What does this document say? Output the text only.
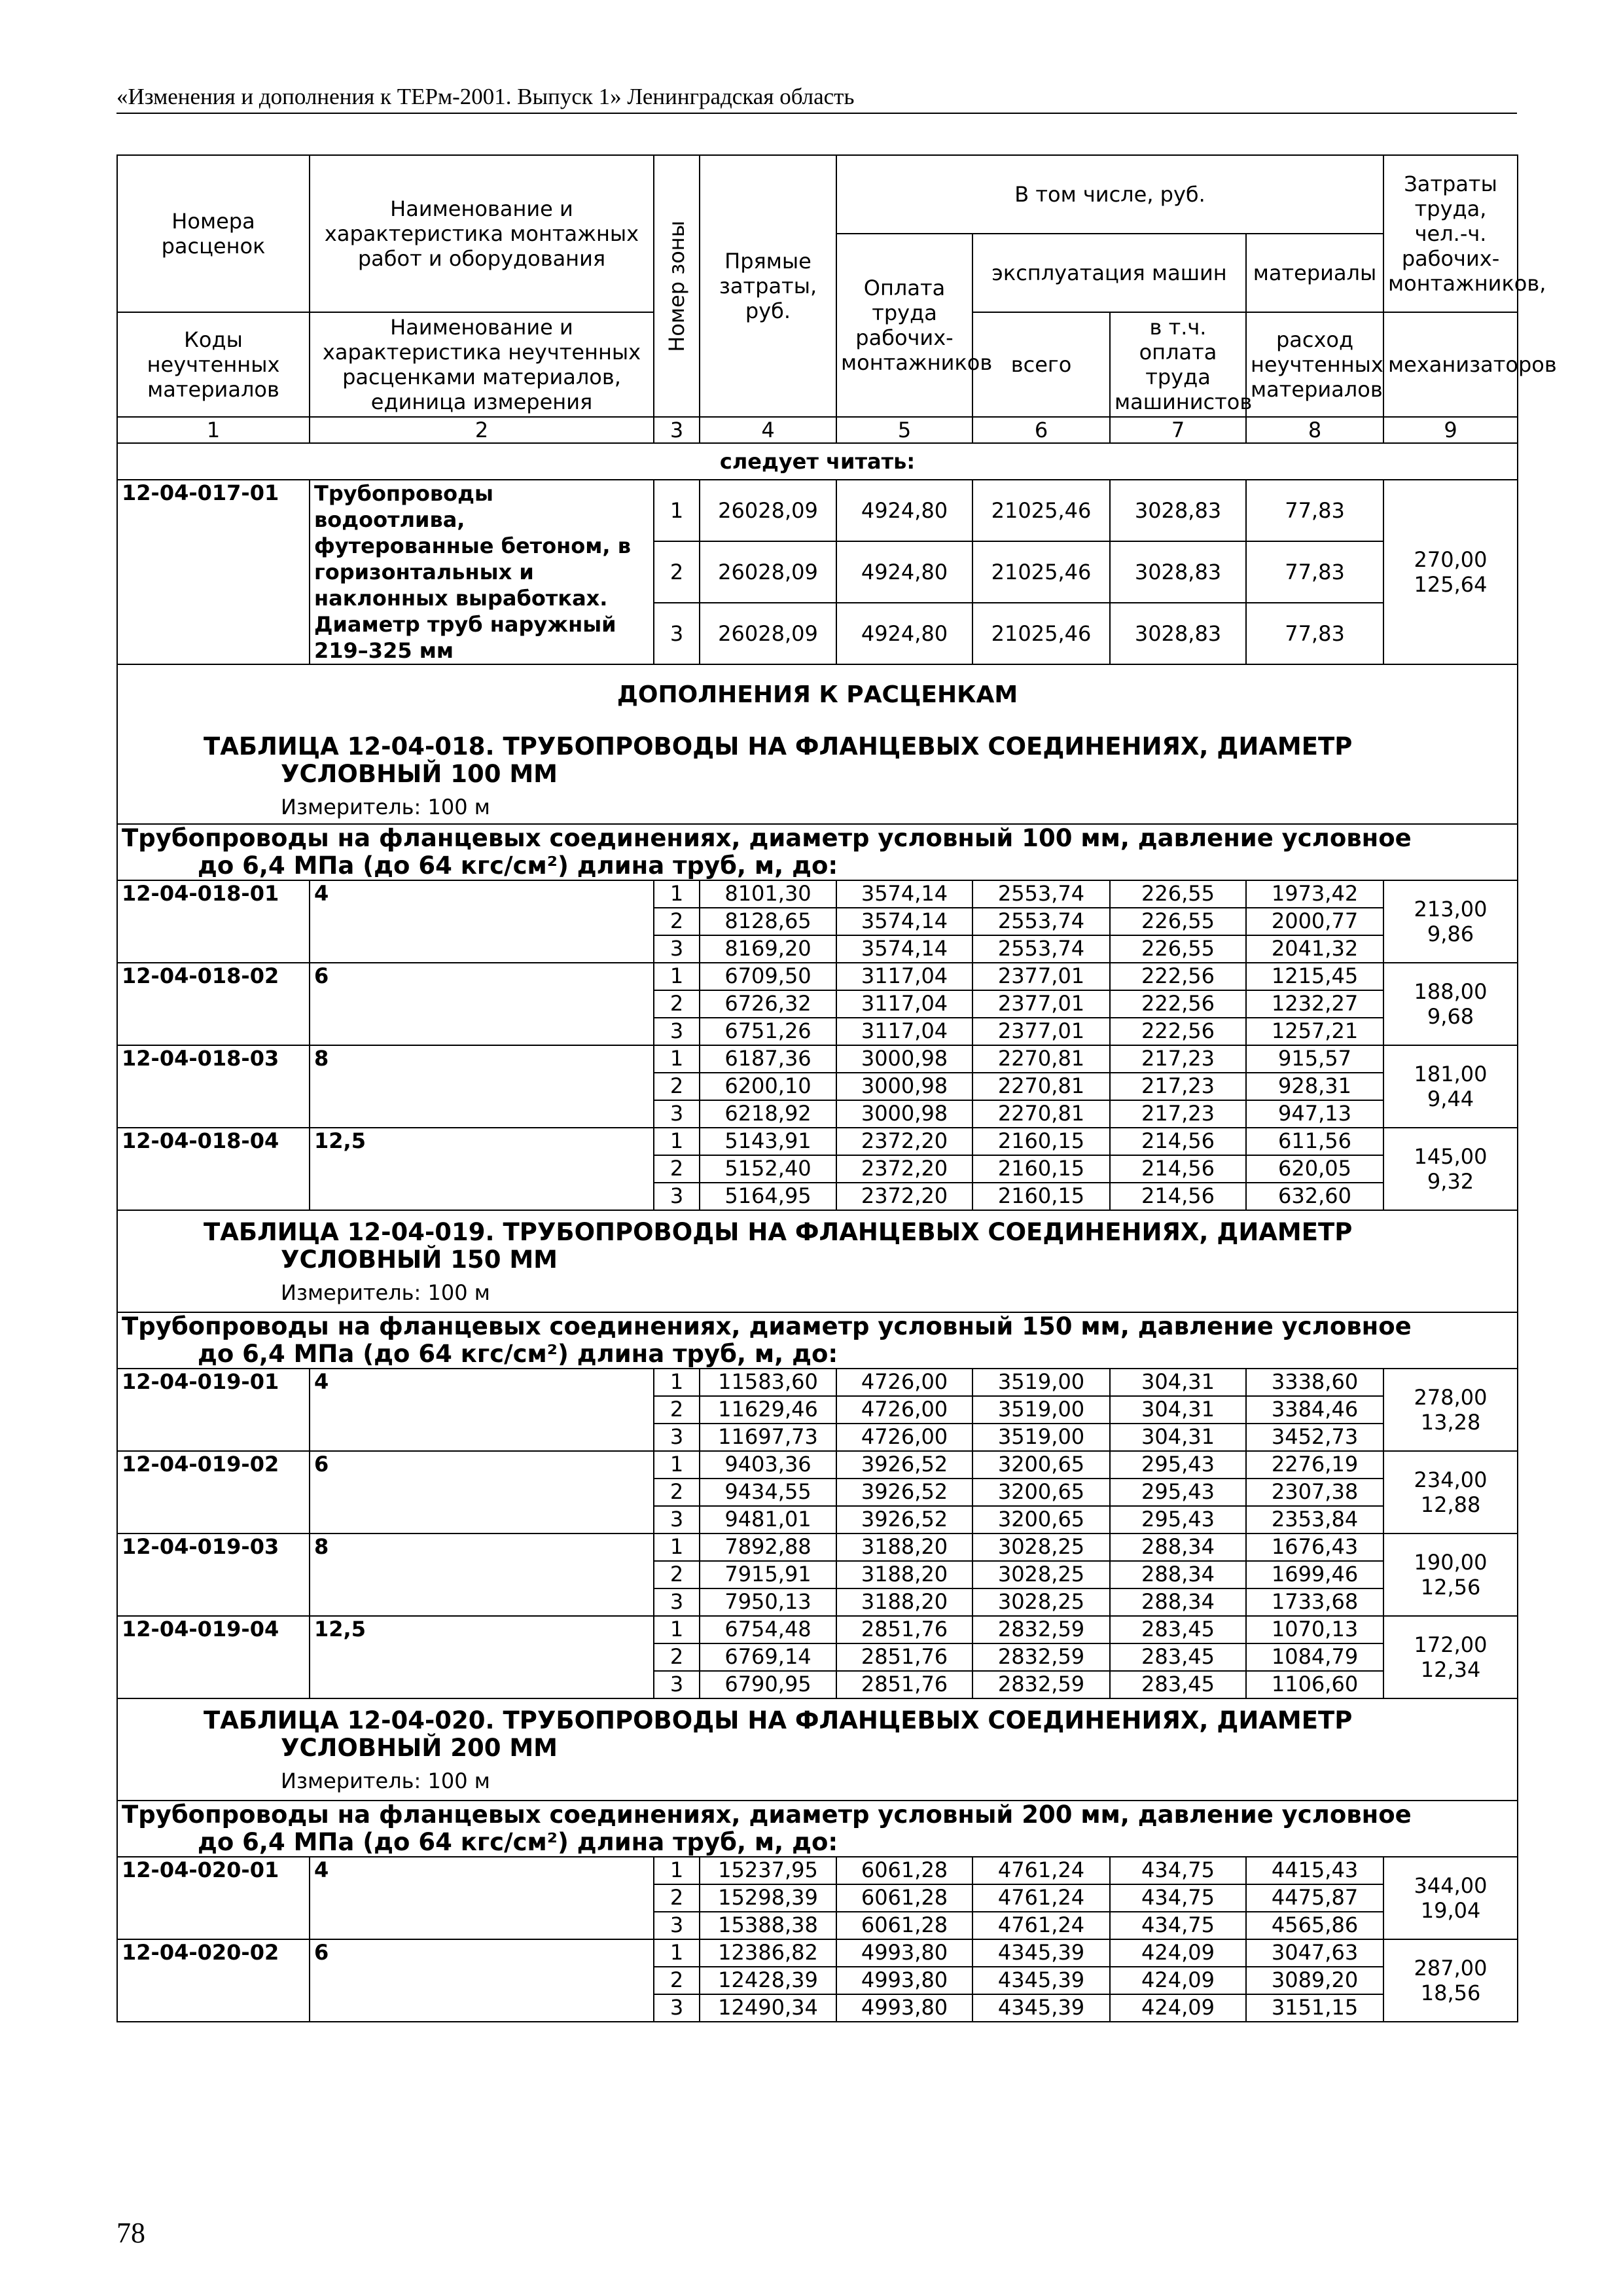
«Изменения и дополнения к ТЕРм-2001. Выпуск 1» Ленинградская область
Номера расценок	Наименование и характеристика монтажных работ и оборудования	Номер зоны	Прямые затраты, руб.	В том числе, руб.				Затраты труда, чел.-ч. рабочих-монтажников,
				Оплата труда рабочих-монтажников	эксплуатация машин		материалы	
Коды неучтенных материалов	Наименование и характеристика неучтенных расценками материалов, единица измерения				всего	в т.ч. оплата труда машинистов	расход неучтенных материалов	механизаторов

1	2	3	4	5	6	7	8	9
следует читать:								
12-04-017-01	Трубопроводы водоотлива, футерованные бетоном, в горизонтальных и наклонных выработках. Диаметр труб наружный 219–325 мм	1	26028,09	4924,80	21025,46	3028,83	77,83	270,00
125,64
		2	26028,09	4924,80	21025,46	3028,83	77,83	
		3	26028,09	4924,80	21025,46	3028,83	77,83	

ДОПОЛНЕНИЯ К РАСЦЕНКАМ
ТАБЛИЦА 12-04-018. ТРУБОПРОВОДЫ НА ФЛАНЦЕВЫХ СОЕДИНЕНИЯХ, ДИАМЕТР
УСЛОВНЫЙ 100 ММ
Измеритель: 100 м								

Трубопроводы на фланцевых соединениях, диаметр условный 100 мм, давление условное
до 6,4 МПа (до 64 кгс/см²) длина труб, м, до:								

12-04-018-01	4	1	8101,30	3574,14	2553,74	226,55	1973,42	213,00
9,86
		2	8128,65	3574,14	2553,74	226,55	2000,77	
		3	8169,20	3574,14	2553,74	226,55	2041,32	
12-04-018-02	6	1	6709,50	3117,04	2377,01	222,56	1215,45	188,00
9,68
		2	6726,32	3117,04	2377,01	222,56	1232,27	
		3	6751,26	3117,04	2377,01	222,56	1257,21	
12-04-018-03	8	1	6187,36	3000,98	2270,81	217,23	915,57	181,00
9,44
		2	6200,10	3000,98	2270,81	217,23	928,31	
		3	6218,92	3000,98	2270,81	217,23	947,13	
12-04-018-04	12,5	1	5143,91	2372,20	2160,15	214,56	611,56	145,00
9,32
		2	5152,40	2372,20	2160,15	214,56	620,05	
		3	5164,95	2372,20	2160,15	214,56	632,60	

ТАБЛИЦА 12-04-019. ТРУБОПРОВОДЫ НА ФЛАНЦЕВЫХ СОЕДИНЕНИЯХ, ДИАМЕТР
УСЛОВНЫЙ 150 ММ
Измеритель: 100 м								

Трубопроводы на фланцевых соединениях, диаметр условный 150 мм, давление условное
до 6,4 МПа (до 64 кгс/см²) длина труб, м, до:								

12-04-019-01	4	1	11583,60	4726,00	3519,00	304,31	3338,60	278,00
13,28
		2	11629,46	4726,00	3519,00	304,31	3384,46	
		3	11697,73	4726,00	3519,00	304,31	3452,73	
12-04-019-02	6	1	9403,36	3926,52	3200,65	295,43	2276,19	234,00
12,88
		2	9434,55	3926,52	3200,65	295,43	2307,38	
		3	9481,01	3926,52	3200,65	295,43	2353,84	
12-04-019-03	8	1	7892,88	3188,20	3028,25	288,34	1676,43	190,00
12,56
		2	7915,91	3188,20	3028,25	288,34	1699,46	
		3	7950,13	3188,20	3028,25	288,34	1733,68	
12-04-019-04	12,5	1	6754,48	2851,76	2832,59	283,45	1070,13	172,00
12,34
		2	6769,14	2851,76	2832,59	283,45	1084,79	
		3	6790,95	2851,76	2832,59	283,45	1106,60	

ТАБЛИЦА 12-04-020. ТРУБОПРОВОДЫ НА ФЛАНЦЕВЫХ СОЕДИНЕНИЯХ, ДИАМЕТР
УСЛОВНЫЙ 200 ММ
Измеритель: 100 м								

Трубопроводы на фланцевых соединениях, диаметр условный 200 мм, давление условное
до 6,4 МПа (до 64 кгс/см²) длина труб, м, до:								

12-04-020-01	4	1	15237,95	6061,28	4761,24	434,75	4415,43	344,00
19,04
		2	15298,39	6061,28	4761,24	434,75	4475,87	
		3	15388,38	6061,28	4761,24	434,75	4565,86	
12-04-020-02	6	1	12386,82	4993,80	4345,39	424,09	3047,63	287,00
18,56
		2	12428,39	4993,80	4345,39	424,09	3089,20	
		3	12490,34	4993,80	4345,39	424,09	3151,15	
78
